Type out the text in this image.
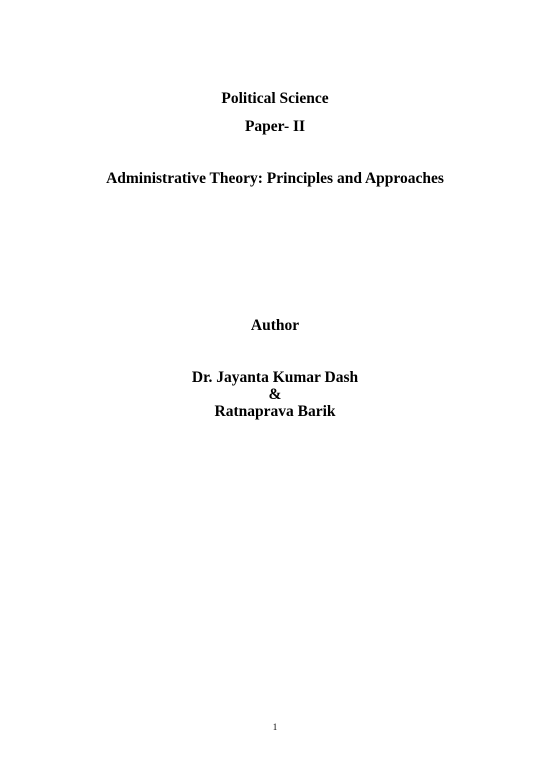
Political Science
Paper- II
Administrative Theory: Principles and Approaches
Author
Dr. Jayanta Kumar Dash
&
Ratnaprava Barik
1
